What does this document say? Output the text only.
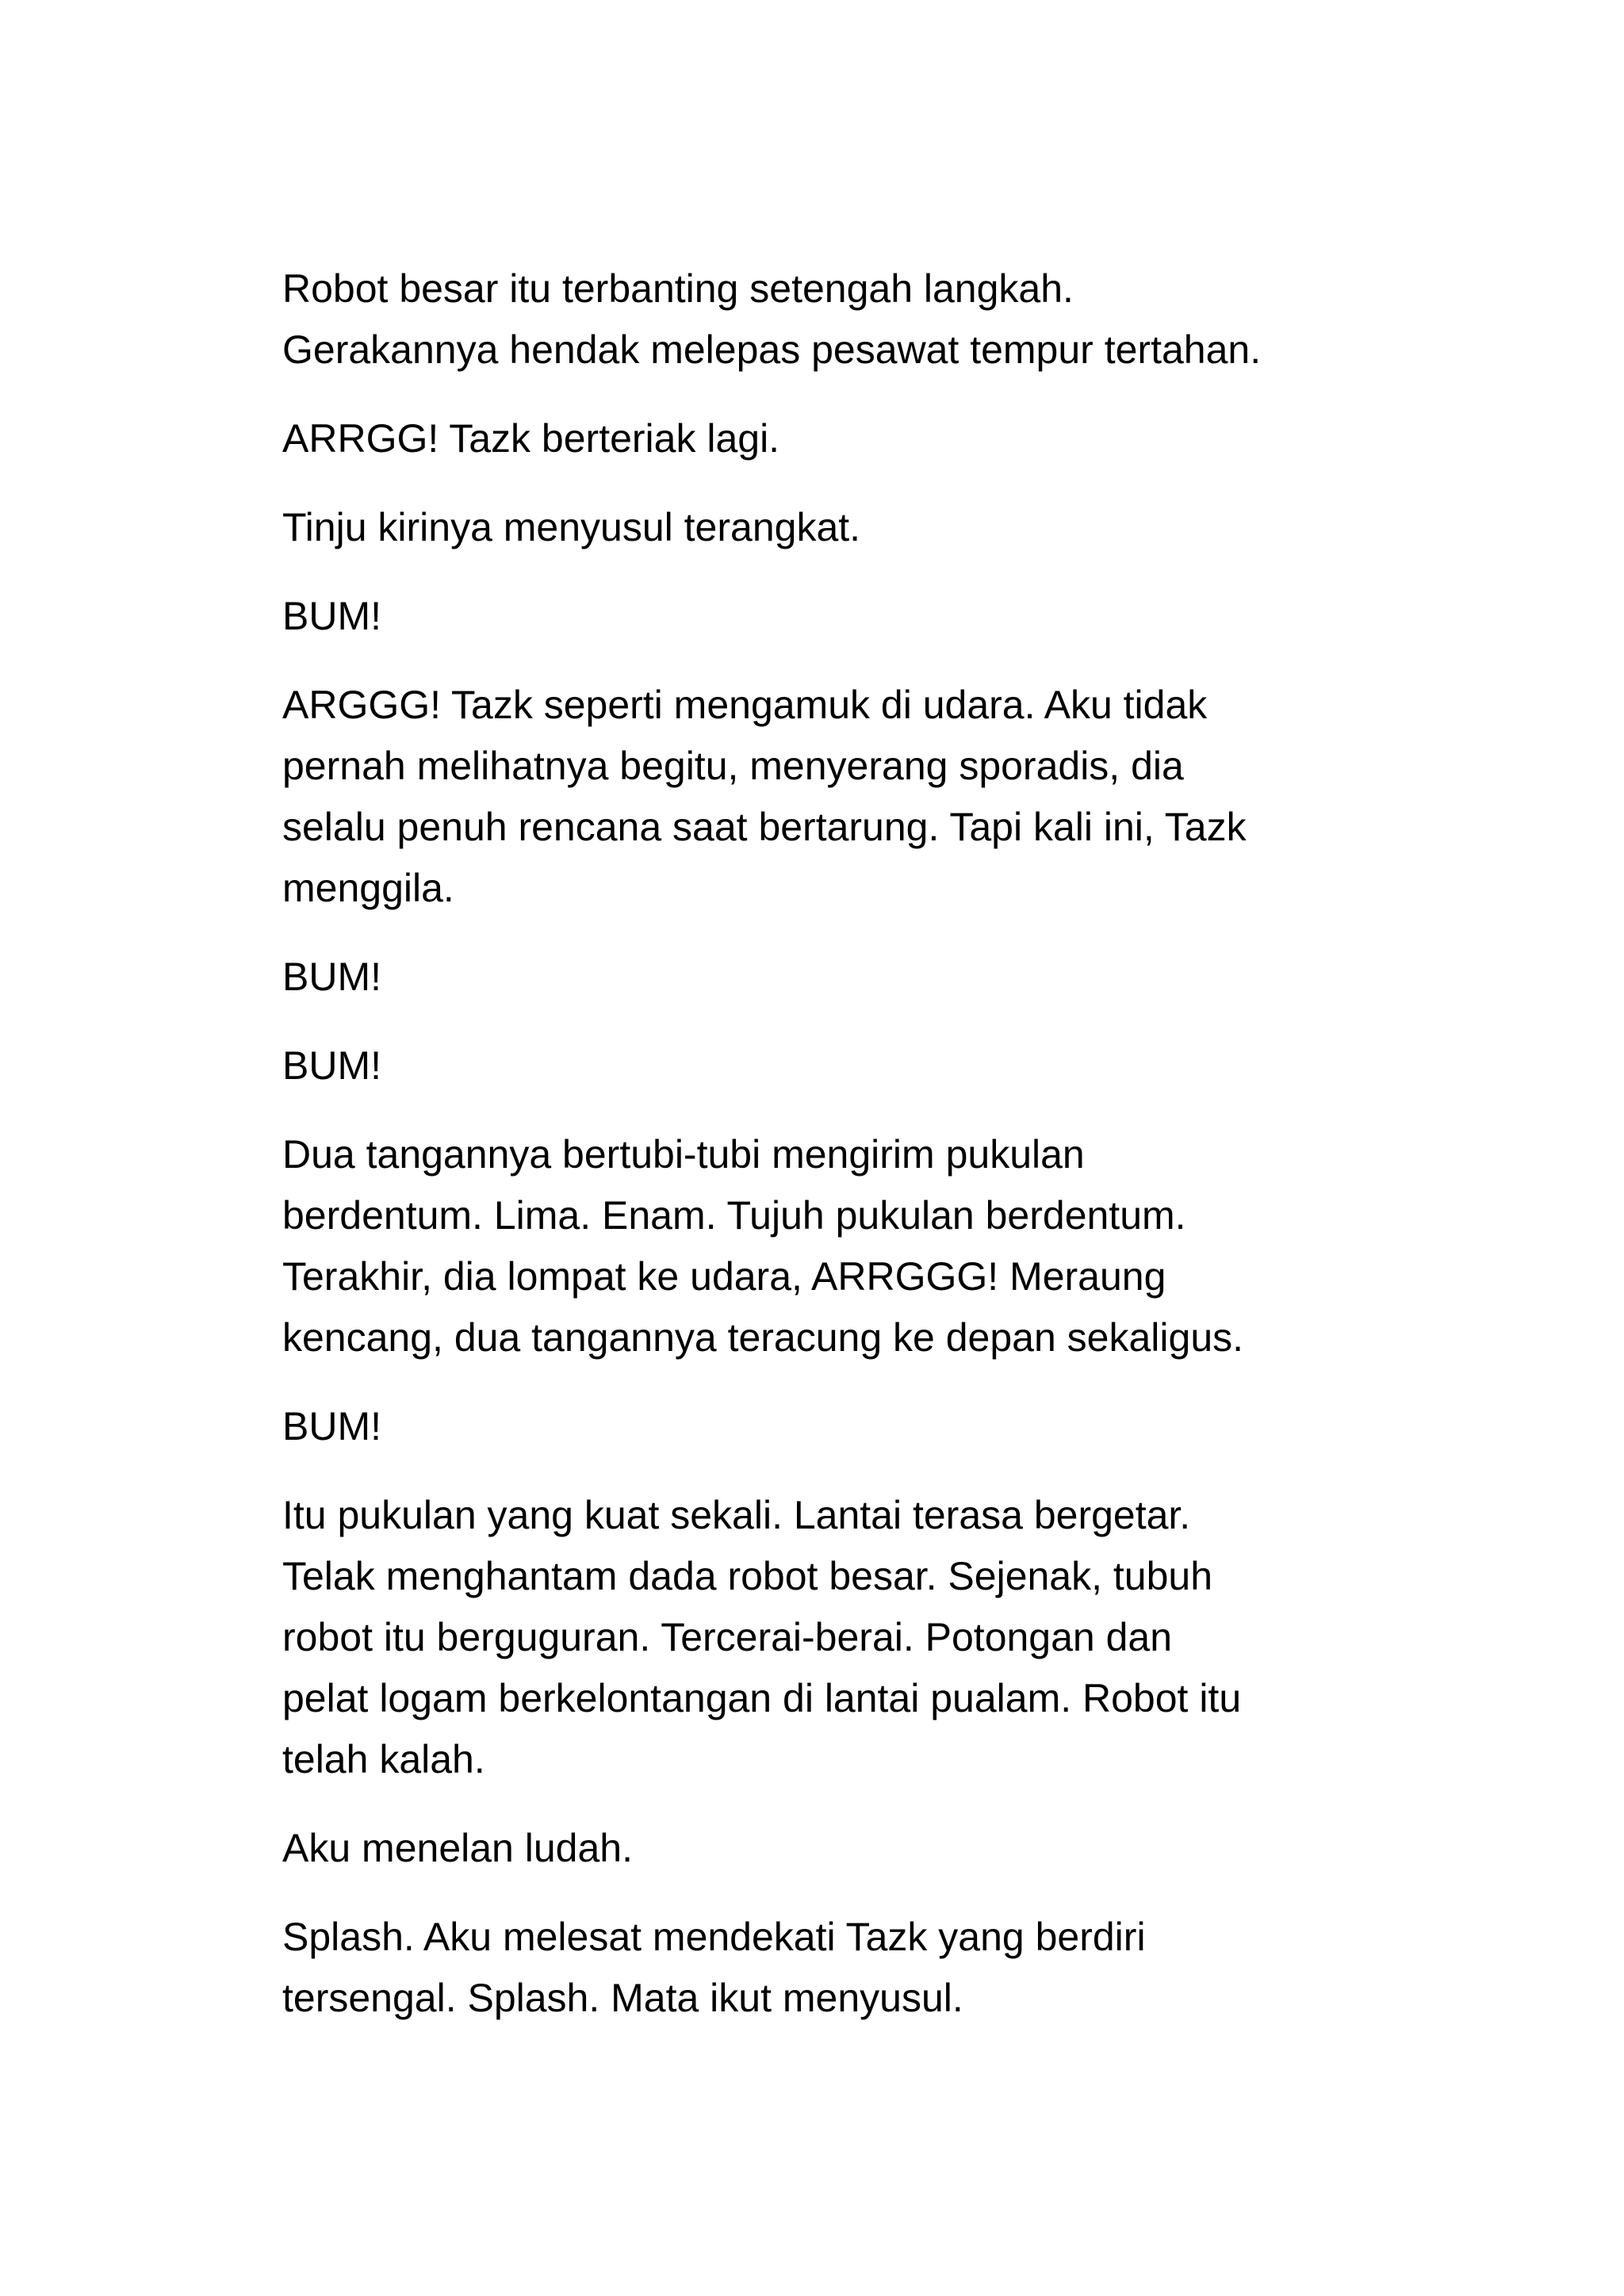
Robot besar itu terbanting setengah langkah.
Gerakannya hendak melepas pesawat tempur tertahan.

ARRGG! Tazk berteriak lagi.

Tinju kirinya menyusul terangkat.

BUM!

ARGGG! Tazk seperti mengamuk di udara. Aku tidak
pernah melihatnya begitu, menyerang sporadis, dia
selalu penuh rencana saat bertarung. Tapi kali ini, Tazk
menggila.

BUM!

BUM!

Dua tangannya bertubi-tubi mengirim pukulan
berdentum. Lima. Enam. Tujuh pukulan berdentum.
Terakhir, dia lompat ke udara, ARRGGG! Meraung
kencang, dua tangannya teracung ke depan sekaligus.

BUM!

Itu pukulan yang kuat sekali. Lantai terasa bergetar.
Telak menghantam dada robot besar. Sejenak, tubuh
robot itu berguguran. Tercerai-berai. Potongan dan
pelat logam berkelontangan di lantai pualam. Robot itu
telah kalah.

Aku menelan ludah.

Splash. Aku melesat mendekati Tazk yang berdiri
tersengal. Splash. Mata ikut menyusul.
